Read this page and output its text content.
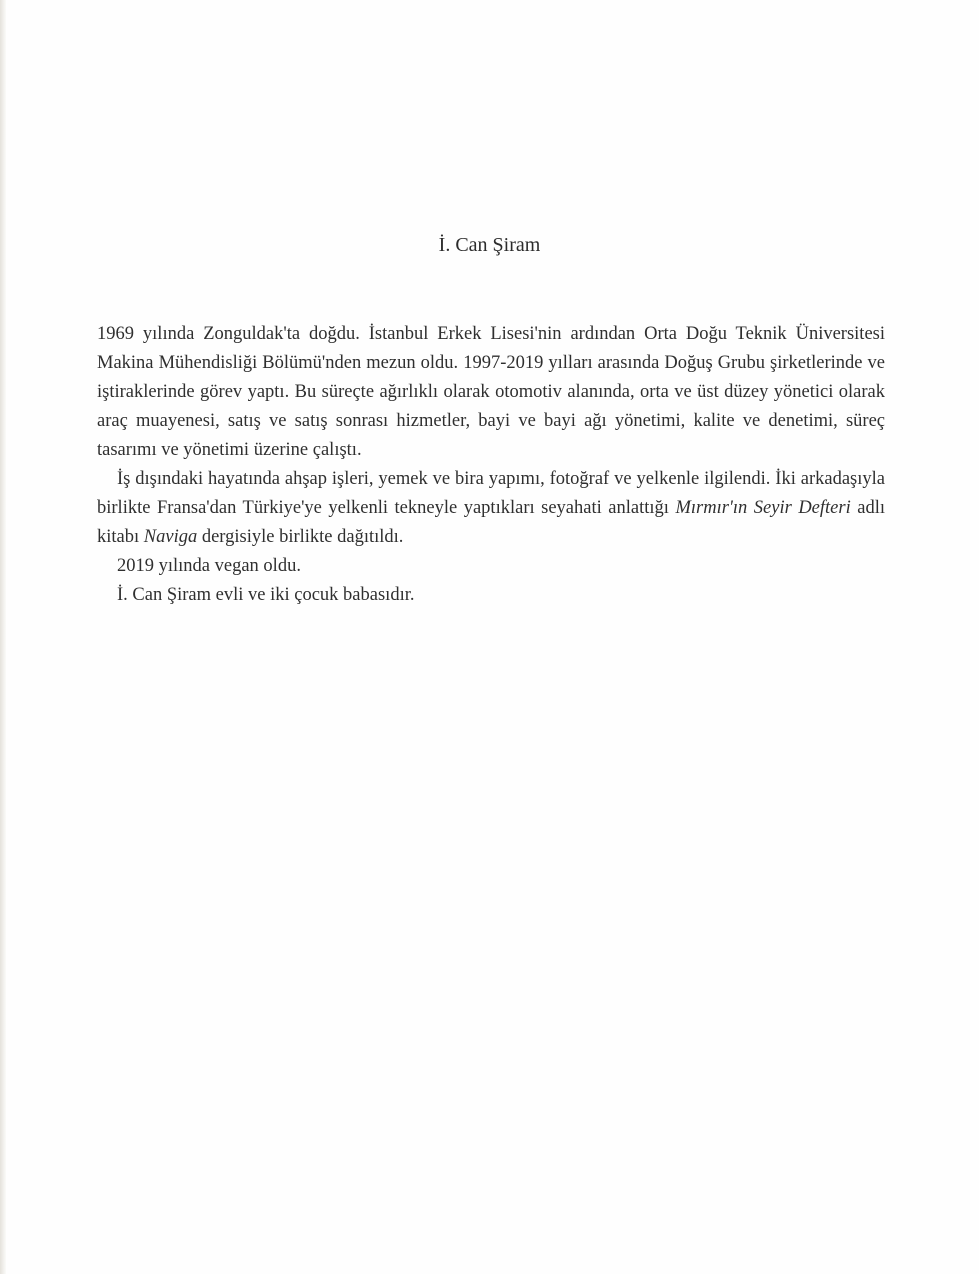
İ. Can Şiram

1969 yılında Zonguldak'ta doğdu. İstanbul Erkek Lisesi'nin ardından Orta Doğu Teknik Üniversitesi Makina Mühendisliği Bölümü'nden mezun oldu. 1997-2019 yılları arasında Doğuş Grubu şirketlerinde ve iştiraklerinde görev yaptı. Bu süreçte ağırlıklı olarak otomotiv alanında, orta ve üst düzey yönetici olarak araç muayenesi, satış ve satış sonrası hizmetler, bayi ve bayi ağı yönetimi, kalite ve denetimi, süreç tasarımı ve yönetimi üzerine çalıştı.

İş dışındaki hayatında ahşap işleri, yemek ve bira yapımı, fotoğraf ve yelkenle ilgilendi. İki arkadaşıyla birlikte Fransa'dan Türkiye'ye yelkenli tekneyle yaptıkları seyahati anlattığı Mırmır'ın Seyir Defteri adlı kitabı Naviga dergisiyle birlikte dağıtıldı.

2019 yılında vegan oldu.

İ. Can Şiram evli ve iki çocuk babasıdır.
